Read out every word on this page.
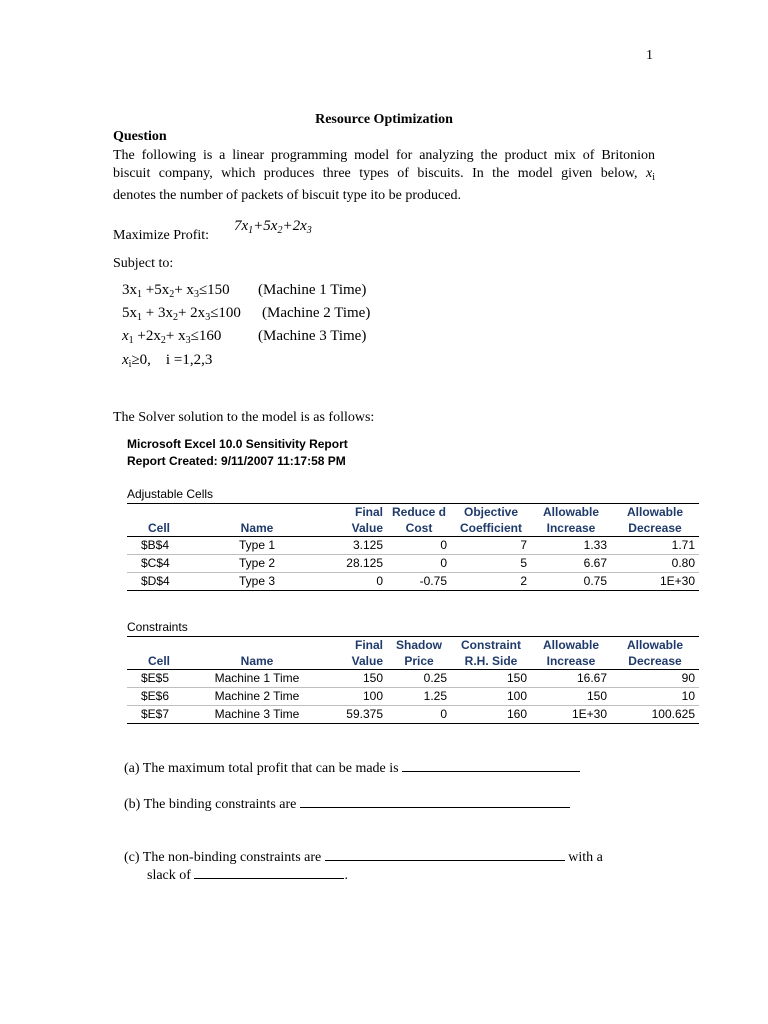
1
Resource Optimization
Question
The following is a linear programming model for analyzing the product mix of Britonion
biscuit company, which produces three types of biscuits. In the model given below, $x_i$
denotes the number of packets of biscuit type ito be produced.
Maximize Profit:
$7x_1+5x_2+2x_3$
Subject to:
$3x_1 +5x_2+ x_3\le 150$ (Machine 1 Time)
$5x_1 + 3x_2+ 2x_3\le 100$ (Machine 2 Time)
$x_1 +2x_2+ x_3\le 160$ (Machine 3 Time)
$x_i\ge 0$,    i =1,2,3
The Solver solution to the model is as follows:
Microsoft Excel 10.0 Sensitivity Report
Report Created: 9/11/2007 11:17:58 PM
Adjustable Cells
		Final	Reduce d	Objective	Allowable	Allowable
Cell	Name	Value	Cost	Coefficient	Increase	Decrease
$B$4	Type 1	3.125	0	7	1.33	1.71
$C$4	Type 2	28.125	0	5	6.67	0.80
$D$4	Type 3	0	-0.75	2	0.75	1E+30
Constraints
		Final	Shadow	Constraint	Allowable	Allowable
Cell	Name	Value	Price	R.H. Side	Increase	Decrease
$E$5	Machine 1 Time	150	0.25	150	16.67	90
$E$6	Machine 2 Time	100	1.25	100	150	10
$E$7	Machine 3 Time	59.375	0	160	1E+30	100.625
(a) The maximum total profit that can be made is
(b) The binding constraints are
(c) The non-binding constraints are	with a
slack of	.
